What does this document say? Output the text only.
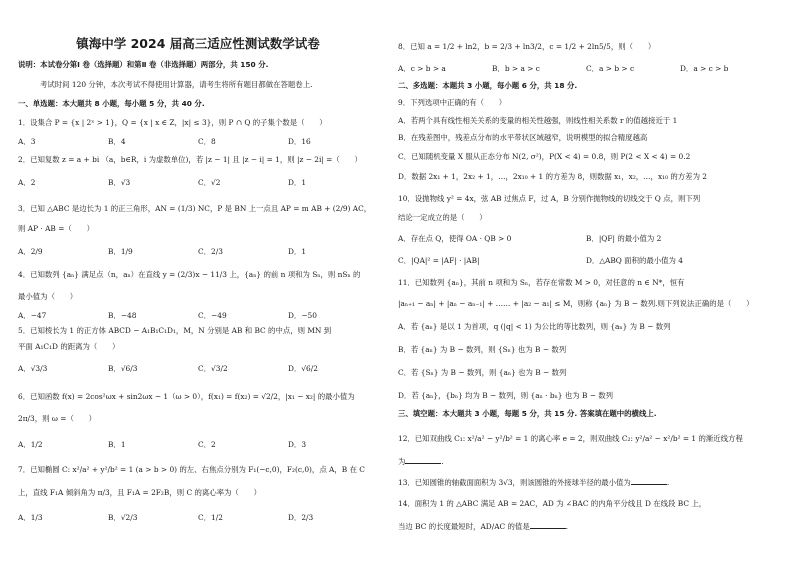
镇海中学 2024 届高三适应性测试数学试卷
说明：本试卷分第Ⅰ 卷（选择题）和第Ⅱ 卷（非选择题）两部分，共 150 分.
考试时间 120 分钟，本次考试不得使用计算器，请考生将所有题目都做在答题卷上.
一、单选题：本大题共 8 小题，每小题 5 分，共 40 分.
1．设集合 P = {x | 2ˣ > 1}，Q = {x | x ∈ Z，|x| ≤ 3}，则 P ∩ Q 的子集个数是（　　）
A．3	B．4	C．8	D．16
2．已知复数 z = a + bi （a，b∈R，i 为虚数单位)，若 |z − 1| 且 |z − i| = 1，则 |z − 2i| =（　　）
A．2	B．√3	C．√2	D．1
3．已知 △ABC 是边长为 1 的正三角形，AN = (1/3) NC，P 是 BN 上一点且 AP = m AB + (2/9) AC，
则 AP · AB =（　　）
A．2/9	B．1/9	C．2/3	D．1
4．已知数列 {aₙ} 满足点（n，aₙ）在直线 y = (2/3)x − 11/3 上，{aₙ} 的前 n 项和为 Sₙ，则 nSₙ 的
最小值为（　　）
A．−47	B．−48	C．−49	D．−50
5．已知棱长为 1 的正方体 ABCD − A₁B₁C₁D₁，M，N 分别是 AB 和 BC 的中点，则 MN 到
平面 A₁C₁D 的距离为（　　）
A．√3/3	B．√6/3	C．√3/2	D．√6/2
6．已知函数 f(x) = 2cos²ωx + sin2ωx − 1（ω > 0），f(x₁) = f(x₂) = √2/2，|x₁ − x₂| 的最小值为
2π/3，则 ω =（　　）
A．1/2	B．1	C．2	D．3
7．已知椭圆 C: x²/a² + y²/b² = 1 (a > b > 0) 的左、右焦点分别为 F₁(−c,0)，F₂(c,0)，点 A，B 在 C
上，直线 F₁A 倾斜角为 π/3，且 F₁A = 2F₂B，则 C 的离心率为（　　）
A．1/3	B．√2/3	C．1/2	D．2/3
8．已知 a = 1/2 + ln2，b = 2/3 + ln3/2，c = 1/2 + 2ln5/5，则（　　）
A．c > b > a	B．b > a > c	C．a > b > c	D．a > c > b
二、多选题：本题共 3 小题，每小题 6 分，共 18 分.
9．下列选项中正确的有（　　）
A．若两个具有线性相关关系的变量的相关性越强，则线性相关系数 r 的值越接近于 1
B．在残差图中，残差点分布的水平带状区域越窄，说明模型的拟合精度越高
C．已知随机变量 X 服从正态分布 N(2, σ²)，P(X < 4) = 0.8，则 P(2 < X < 4) = 0.2
D．数据 2x₁ + 1，2x₂ + 1，…，2x₁₀ + 1 的方差为 8，则数据 x₁，x₂，…，x₁₀ 的方差为 2
10．设抛物线 y² = 4x，弦 AB 过焦点 F，过 A，B 分别作抛物线的切线交于 Q 点，则下列
结论一定成立的是（　　）
A．存在点 Q，使得 OA · QB > 0	B．|QF| 的最小值为 2
C．|QA|² = |AF| · |AB|	D．△ABQ 面积的最小值为 4
11．已知数列 {aₙ}，其前 n 项和为 Sₙ，若存在常数 M > 0，对任意的 n ∈ N*，恒有
|aₙ₊₁ − aₙ| + |aₙ − aₙ₋₁| + …… + |a₂ − a₁| ≤ M，则称 {aₙ} 为 B − 数列.则下列说法正确的是（　　）
A．若 {aₙ} 是以 1 为首项，q (|q| < 1) 为公比的等比数列，则 {aₙ} 为 B − 数列
B．若 {aₙ} 为 B − 数列，则 {Sₙ} 也为 B − 数列
C．若 {Sₙ} 为 B − 数列，则 {aₙ} 也为 B − 数列
D．若 {aₙ}，{bₙ} 均为 B − 数列，则 {aₙ · bₙ} 也为 B − 数列
三、填空题：本大题共 3 小题，每题 5 分，共 15 分. 答案填在题中的横线上.
12．已知双曲线 C₁: x²/a² − y²/b² = 1 的离心率 e = 2，则双曲线 C₂: y²/a² − x²/b² = 1 的渐近线方程
为	.
13．已知圆锥的轴截面面积为 3√3，则该圆锥的外接球半径的最小值为	.
14．面积为 1 的 △ABC 满足 AB = 2AC，AD 为 ∠BAC 的内角平分线且 D 在线段 BC 上，
当边 BC 的长度最短时，AD/AC 的值是	.
